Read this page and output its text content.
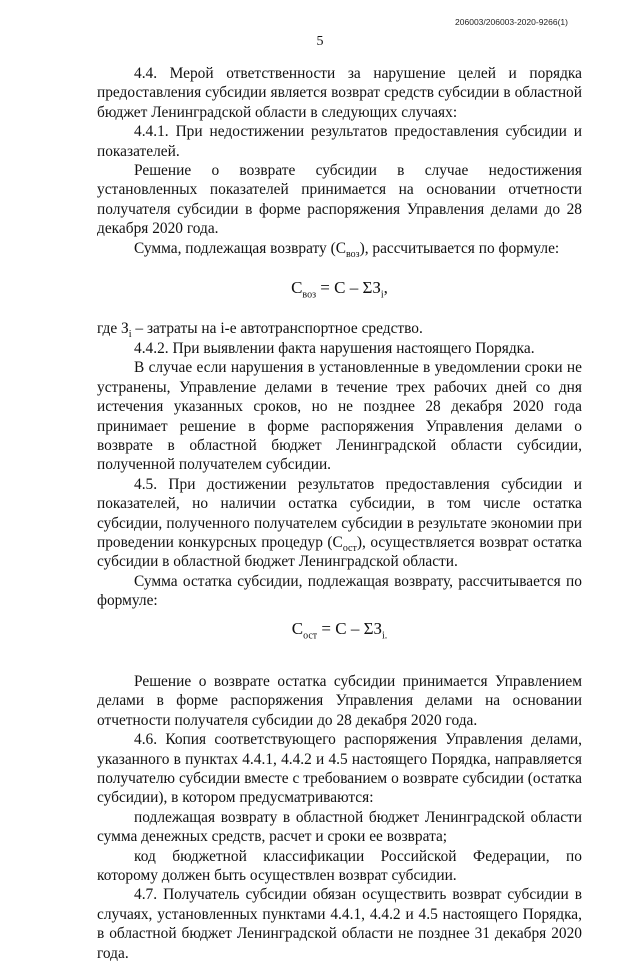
206003/206003-2020-9266(1)
5

4.4. Мерой ответственности за нарушение целей и порядка предоставления субсидии является возврат средств субсидии в областной бюджет Ленинградской области в следующих случаях:

4.4.1. При недостижении результатов предоставления субсидии и показателей.

Решение о возврате субсидии в случае недостижения установленных показателей принимается на основании отчетности получателя субсидии в форме распоряжения Управления делами до 28 декабря 2020 года.

Сумма, подлежащая возврату $(С_{воз})$, рассчитывается по формуле:

$С_{воз} = С - \Sigma З_i$,

где $З_i$ – затраты на i-е автотранспортное средство.

4.4.2. При выявлении факта нарушения настоящего Порядка.

В случае если нарушения в установленные в уведомлении сроки не устранены, Управление делами в течение трех рабочих дней со дня истечения указанных сроков, но не позднее 28 декабря 2020 года принимает решение в форме распоряжения Управления делами о возврате в областной бюджет Ленинградской области субсидии, полученной получателем субсидии.

4.5. При достижении результатов предоставления субсидии и показателей, но наличии остатка субсидии, в том числе остатка субсидии, полученного получателем субсидии в результате экономии при проведении конкурсных процедур $(С_{ост})$, осуществляется возврат остатка субсидии в областной бюджет Ленинградской области.

Сумма остатка субсидии, подлежащая возврату, рассчитывается по формуле:

$С_{ост} = С - \Sigma З_{i.}$

Решение о возврате остатка субсидии принимается Управлением делами в форме распоряжения Управления делами на основании отчетности получателя субсидии до 28 декабря 2020 года.

4.6. Копия соответствующего распоряжения Управления делами, указанного в пунктах 4.4.1, 4.4.2 и 4.5 настоящего Порядка, направляется получателю субсидии вместе с требованием о возврате субсидии (остатка субсидии), в котором предусматриваются:

подлежащая возврату в областной бюджет Ленинградской области сумма денежных средств, расчет и сроки ее возврата;

код бюджетной классификации Российской Федерации, по которому должен быть осуществлен возврат субсидии.

4.7. Получатель субсидии обязан осуществить возврат субсидии в случаях, установленных пунктами 4.4.1, 4.4.2 и 4.5 настоящего Порядка, в областной бюджет Ленинградской области не позднее 31 декабря 2020 года.
